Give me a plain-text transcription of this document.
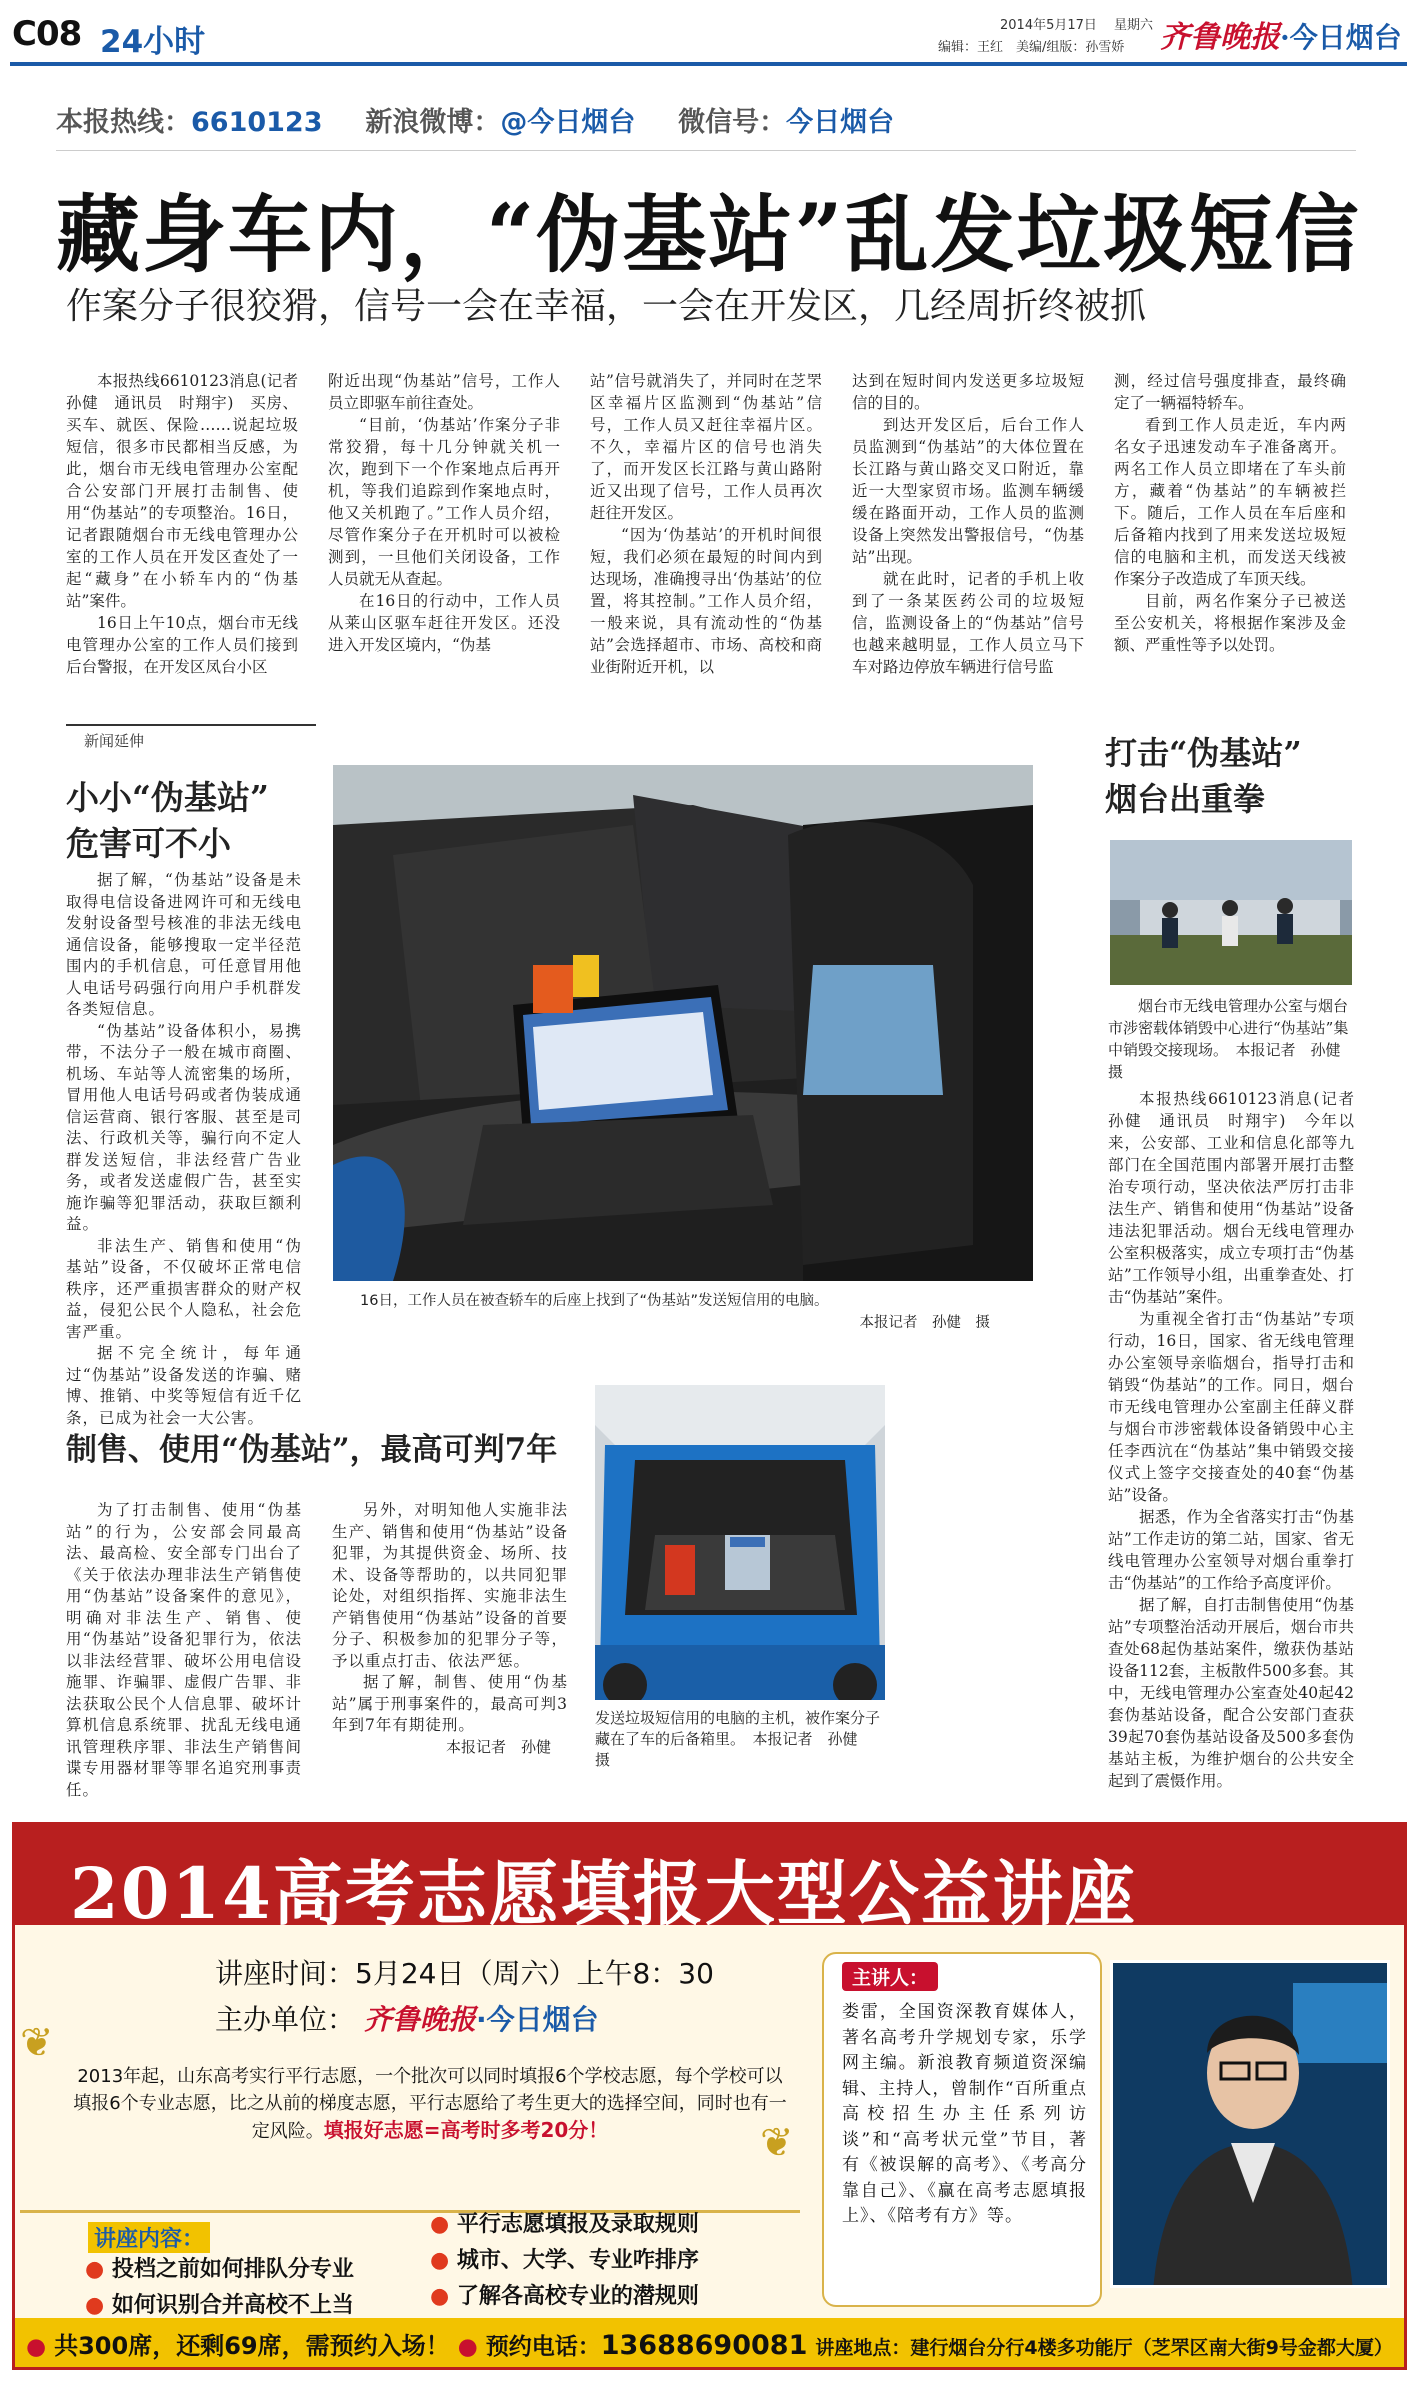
C08 24小时	2014年5月17日　 星期六
编辑：王红　美编/组版：孙雪娇 齐鲁晚报·今日烟台
本报热线：6610123 新浪微博：@今日烟台 微信号：今日烟台
藏身车内，“伪基站”乱发垃圾短信
作案分子很狡猾，信号一会在幸福，一会在开发区，几经周折终被抓

本报热线6610123消息(记者　孙健　通讯员　时翔宇)　买房、买车、就医、保险……说起垃圾短信，很多市民都相当反感，为此，烟台市无线电管理办公室配合公安部门开展打击制售、使用“伪基站”的专项整治。16日，记者跟随烟台市无线电管理办公室的工作人员在开发区查处了一起“藏身”在小轿车内的“伪基站”案件。

16日上午10点，烟台市无线电管理办公室的工作人员们接到后台警报，在开发区凤台小区

附近出现“伪基站”信号，工作人员立即驱车前往查处。

“目前，‘伪基站’作案分子非常狡猾，每十几分钟就关机一次，跑到下一个作案地点后再开机，等我们追踪到作案地点时，他又关机跑了。”工作人员介绍，尽管作案分子在开机时可以被检测到，一旦他们关闭设备，工作人员就无从查起。

在16日的行动中，工作人员从莱山区驱车赶往开发区。还没进入开发区境内，“伪基

站”信号就消失了，并同时在芝罘区幸福片区监测到“伪基站”信号，工作人员又赶往幸福片区。不久，幸福片区的信号也消失了，而开发区长江路与黄山路附近又出现了信号，工作人员再次赶往开发区。

“因为‘伪基站’的开机时间很短，我们必须在最短的时间内到达现场，准确搜寻出‘伪基站’的位置，将其控制。”工作人员介绍，一般来说，具有流动性的“伪基站”会选择超市、市场、高校和商业街附近开机，以

达到在短时间内发送更多垃圾短信的目的。

到达开发区后，后台工作人员监测到“伪基站”的大体位置在长江路与黄山路交叉口附近，靠近一大型家贸市场。监测车辆缓缓在路面开动，工作人员的监测设备上突然发出警报信号，“伪基站”出现。

就在此时，记者的手机上收到了一条某医药公司的垃圾短信，监测设备上的“伪基站”信号也越来越明显，工作人员立马下车对路边停放车辆进行信号监

测，经过信号强度排查，最终确定了一辆福特轿车。

看到工作人员走近，车内两名女子迅速发动车子准备离开。两名工作人员立即堵在了车头前方，藏着“伪基站”的车辆被拦下。随后，工作人员在车后座和后备箱内找到了用来发送垃圾短信的电脑和主机，而发送天线被作案分子改造成了车顶天线。

目前，两名作案分子已被送至公安机关，将根据作案涉及金额、严重性等予以处罚。

新闻延伸
小小“伪基站”
危害可不小

据了解，“伪基站”设备是未取得电信设备进网许可和无线电发射设备型号核准的非法无线电通信设备，能够搜取一定半径范围内的手机信息，可任意冒用他人电话号码强行向用户手机群发各类短信息。

“伪基站”设备体积小，易携带，不法分子一般在城市商圈、机场、车站等人流密集的场所，冒用他人电话号码或者伪装成通信运营商、银行客服、甚至是司法、行政机关等，骗行向不定人群发送短信，非法经营广告业务，或者发送虚假广告，甚至实施诈骗等犯罪活动，获取巨额利益。

非法生产、销售和使用“伪基站”设备，不仅破坏正常电信秩序，还严重损害群众的财产权益，侵犯公民个人隐私，社会危害严重。

据不完全统计，每年通过“伪基站”设备发送的诈骗、赌博、推销、中奖等短信有近千亿条，已成为社会一大公害。

16日，工作人员在被查轿车的后座上找到了“伪基站”发送短信用的电脑。
本报记者　孙健　摄
打击“伪基站”
烟台出重拳
烟台市无线电管理办公室与烟台市涉密载体销毁中心进行“伪基站”集中销毁交接现场。　本报记者　孙健　摄

本报热线6610123消息(记者　孙健　通讯员　时翔宇)　今年以来，公安部、工业和信息化部等九部门在全国范围内部署开展打击整治专项行动，坚决依法严厉打击非法生产、销售和使用“伪基站”设备违法犯罪活动。烟台无线电管理办公室积极落实，成立专项打击“伪基站”工作领导小组，出重拳查处、打击“伪基站”案件。

为重视全省打击“伪基站”专项行动，16日，国家、省无线电管理办公室领导亲临烟台，指导打击和销毁“伪基站”的工作。同日，烟台市无线电管理办公室副主任薛义群与烟台市涉密载体设备销毁中心主任李西沆在“伪基站”集中销毁交接仪式上签字交接查处的40套“伪基站”设备。

据悉，作为全省落实打击“伪基站”工作走访的第二站，国家、省无线电管理办公室领导对烟台重拳打击“伪基站”的工作给予高度评价。

据了解，自打击制售使用“伪基站”专项整治活动开展后，烟台市共查处68起伪基站案件，缴获伪基站设备112套，主板散件500多套。其中，无线电管理办公室查处40起42套伪基站设备，配合公安部门查获39起70套伪基站设备及500多套伪基站主板，为维护烟台的公共安全起到了震慑作用。

制售、使用“伪基站”，最高可判7年

为了打击制售、使用“伪基站”的行为，公安部会同最高法、最高检、安全部专门出台了《关于依法办理非法生产销售使用“伪基站”设备案件的意见》，明确对非法生产、销售、使用“伪基站”设备犯罪行为，依法以非法经营罪、破坏公用电信设施罪、诈骗罪、虚假广告罪、非法获取公民个人信息罪、破坏计算机信息系统罪、扰乱无线电通讯管理秩序罪、非法生产销售间谍专用器材罪等罪名追究刑事责任。

另外，对明知他人实施非法生产、销售和使用“伪基站”设备犯罪，为其提供资金、场所、技术、设备等帮助的，以共同犯罪论处，对组织指挥、实施非法生产销售使用“伪基站”设备的首要分子、积极参加的犯罪分子等，予以重点打击、依法严惩。

据了解，制售、使用“伪基站”属于刑事案件的，最高可判3年到7年有期徒刑。

本报记者　孙健
发送垃圾短信用的电脑的主机，被作案分子藏在了车的后备箱里。　本报记者　孙健　摄
2014高考志愿填报大型公益讲座
讲座时间：5月24日（周六）上午8：30
主办单位： 齐鲁晚报·今日烟台
❦
❦
2013年起，山东高考实行平行志愿，一个批次可以同时填报6个学校志愿，每个学校可以填报6个专业志愿，比之从前的梯度志愿，平行志愿给了考生更大的选择空间，同时也有一定风险。填报好志愿=高考时多考20分！
讲座内容：
● 投档之前如何排队分专业
● 如何识别合并高校不上当
● 平行志愿填报及录取规则
● 城市、大学、专业咋排序
● 了解各高校专业的潜规则
主讲人：
娄雷，全国资深教育媒体人，著名高考升学规划专家，乐学网主编。新浪教育频道资深编辑、主持人，曾制作“百所重点高校招生办主任系列访谈”和“高考状元堂”节目，著有《被误解的高考》、《考高分靠自己》、《赢在高考志愿填报上》、《陪考有方》等。
● 共300席，还剩69席，需预约入场！ ● 预约电话：13688690081 讲座地点：建行烟台分行4楼多功能厅（芝罘区南大街9号金都大厦）
